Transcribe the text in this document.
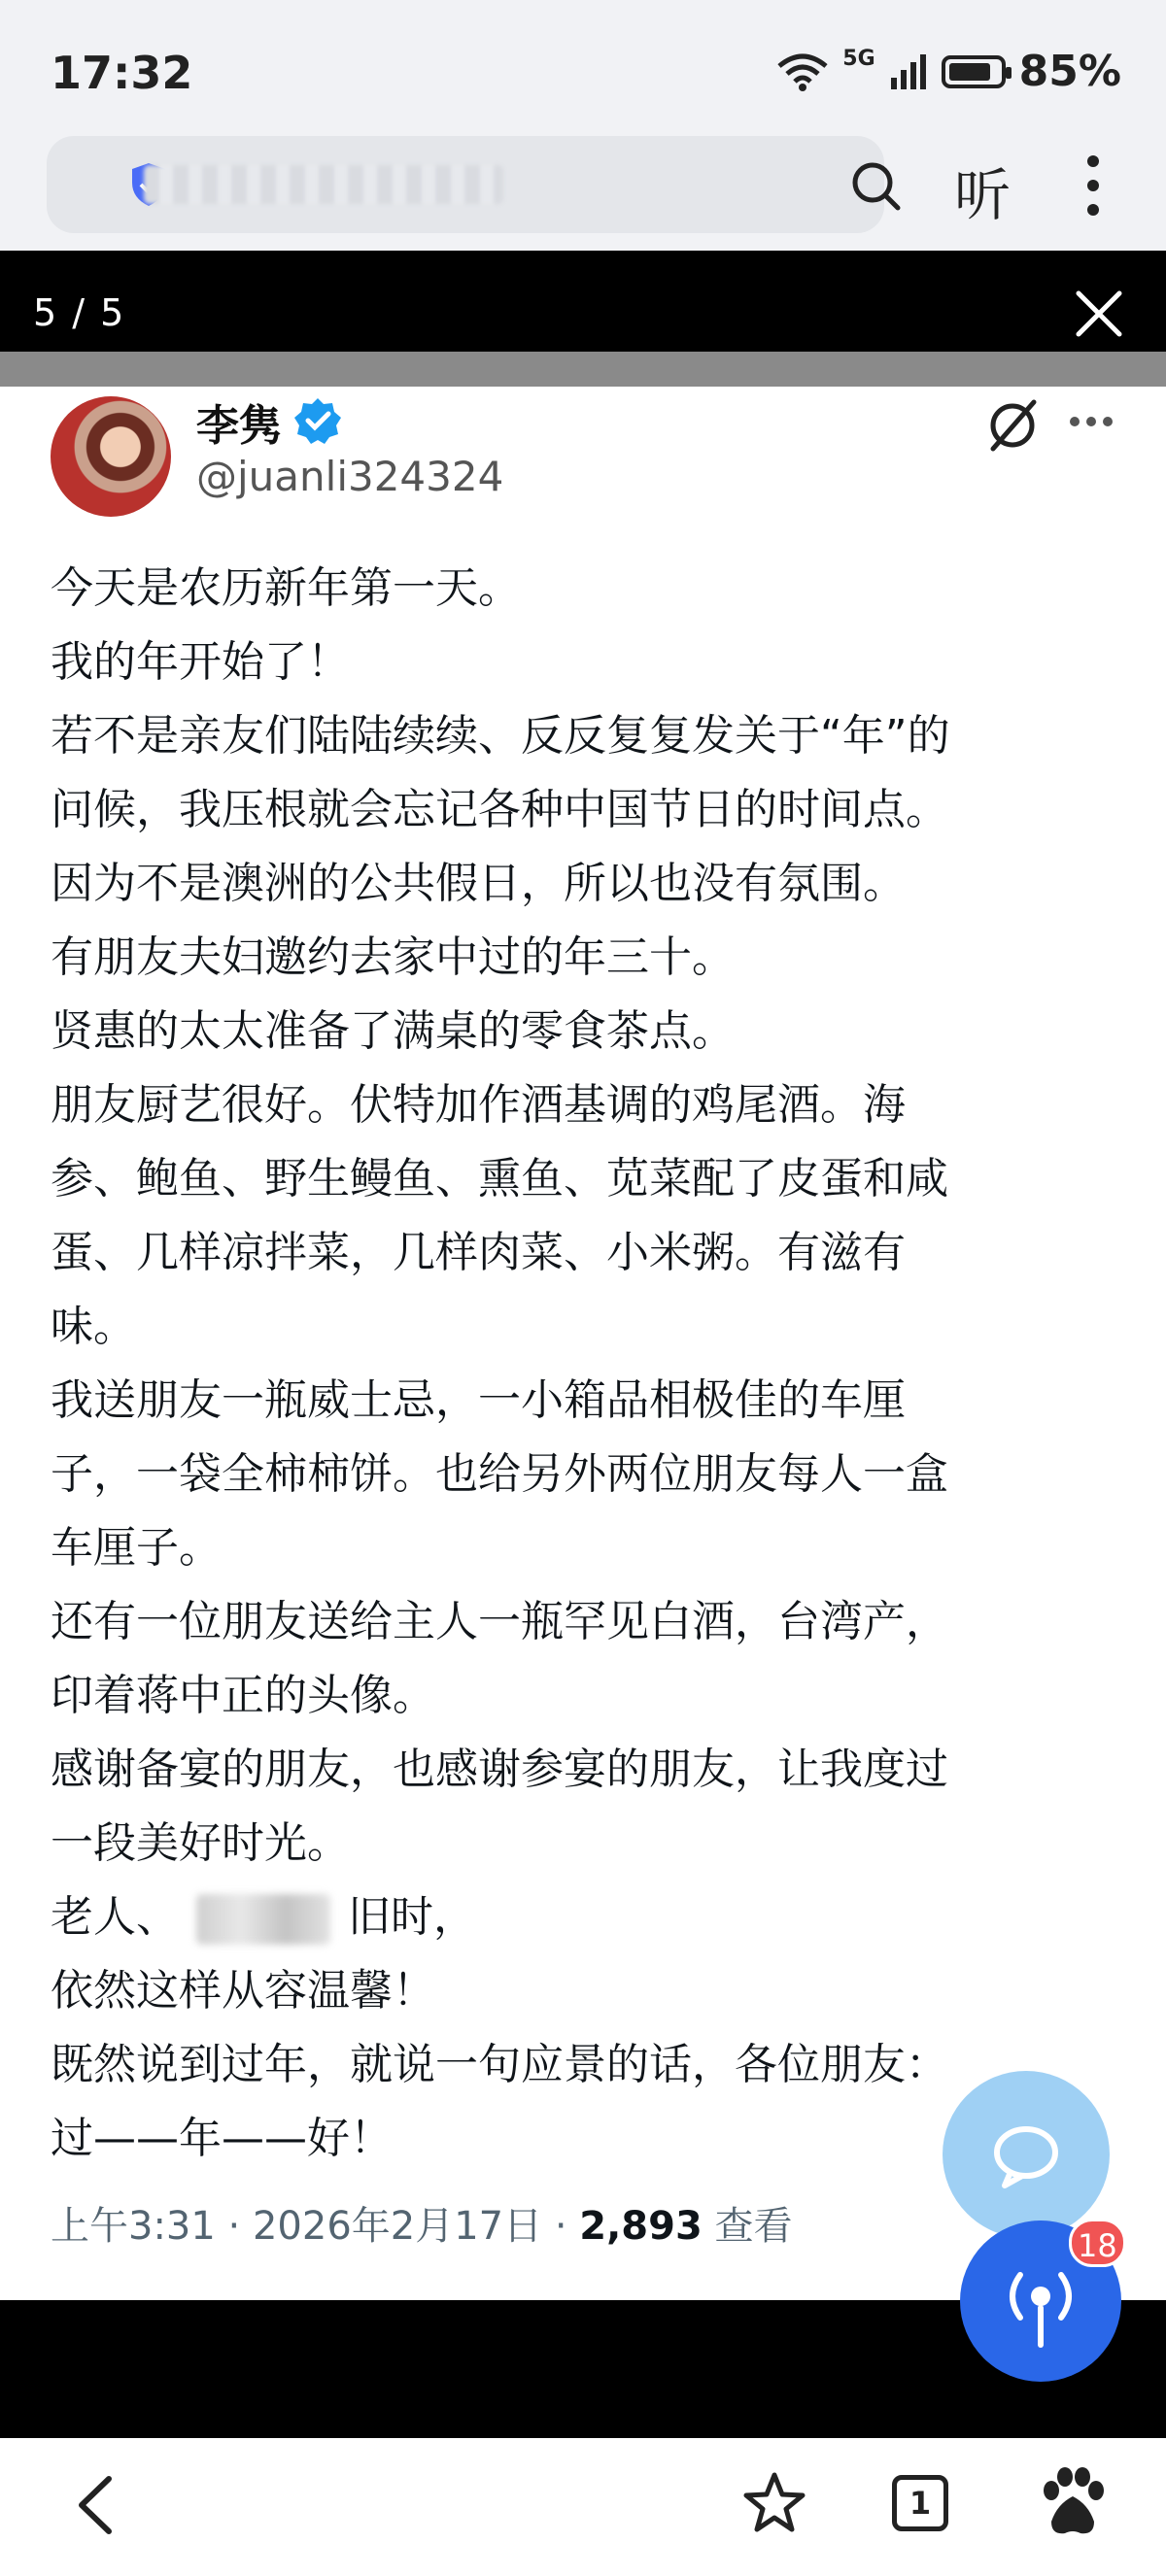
17:32	5G	85%
听
5 / 5
李隽
@juanli324324
今天是农历新年第一天。
我的年开始了！
若不是亲友们陆陆续续、反反复复发关于“年”的
问候，我压根就会忘记各种中国节日的时间点。
因为不是澳洲的公共假日，所以也没有氛围。
有朋友夫妇邀约去家中过的年三十。
贤惠的太太准备了满桌的零食茶点。
朋友厨艺很好。伏特加作酒基调的鸡尾酒。海
参、鲍鱼、野生鳗鱼、熏鱼、苋菜配了皮蛋和咸
蛋、几样凉拌菜，几样肉菜、小米粥。有滋有
味。
我送朋友一瓶威士忌，一小箱品相极佳的车厘
子，一袋全柿柿饼。也给另外两位朋友每人一盒
车厘子。
还有一位朋友送给主人一瓶罕见白酒，台湾产，
印着蒋中正的头像。
感谢备宴的朋友，也感谢参宴的朋友，让我度过
一段美好时光。
老人、	旧时，
依然这样从容温馨！
既然说到过年，就说一句应景的话，各位朋友：
过——年——好！
上午3:31 · 2026年2月17日 · 2,893 查看	18
1
